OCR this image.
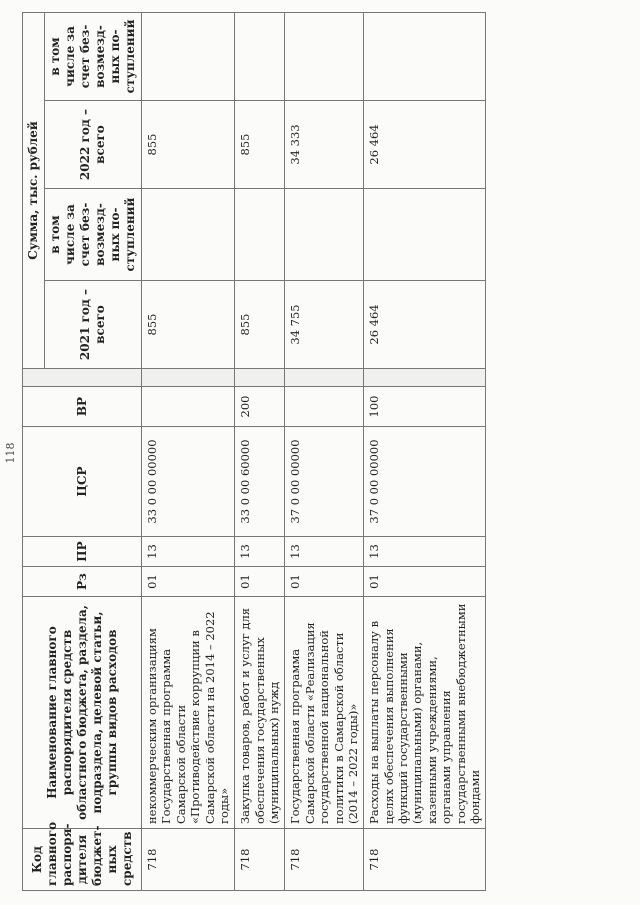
118
Код главного распоря-дителя бюджет-ных средств	Наименование главного распорядителя средств областного бюджета, раздела, подраздела, целевой статьи, группы видов расходов	Рз	ПР	ЦСР	ВР		Сумма, тыс. рублей			
							2021 год – всего	в том числе за счет без-возмезд-ных по-ступлений	2022 год – всего	в том числе за счет без-возмезд-ных по-ступлений
718	некоммерческим организациям Государственная программа Самарской области «Противодействие коррупции в Самарской области на 2014 – 2022 годы»	01	13	33 0 00 00000			855		855	
718	Закупка товаров, работ и услуг для обеспечения государственных (муниципальных) нужд	01	13	33 0 00 60000	200		855		855	
718	Государственная программа Самарской области «Реализация государственной национальной политики в Самарской области (2014 – 2022 годы)»	01	13	37 0 00 00000			34 755		34 333	
718	Расходы на выплаты персоналу в целях обеспечения выполнения функций государственными (муниципальными) органами, казенными учреждениями, органами управления государственными внебюджетными фондами	01	13	37 0 00 00000	100		26 464		26 464	
